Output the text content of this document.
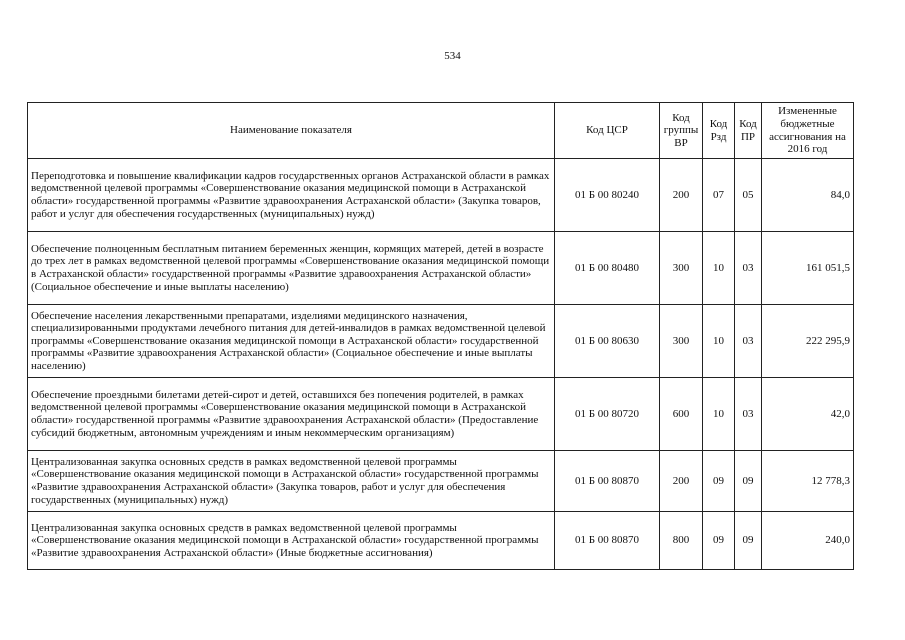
534
Наименование показателя	Код ЦСР	Код группы ВР	Код Рзд	Код ПР	Измененные бюджетные ассигнования на 2016 год
Переподготовка и повышение квалификации кадров государственных органов Астраханской области в рамках ведомственной целевой программы «Совершенствование оказания медицинской помощи в Астраханской области» государственной программы «Развитие здравоохранения Астраханской области» (Закупка товаров, работ и услуг для обеспечения государственных (муниципальных) нужд)	01 Б 00 80240	200	07	05	84,0
Обеспечение полноценным бесплатным питанием беременных женщин, кормящих матерей, детей в возрасте до трех лет в рамках ведомственной целевой программы «Совершенствование оказания медицинской помощи в Астраханской области» государственной программы «Развитие здравоохранения Астраханской области» (Социальное обеспечение и иные выплаты населению)	01 Б 00 80480	300	10	03	161 051,5
Обеспечение населения лекарственными препаратами, изделиями медицинского назначения, специализированными продуктами лечебного питания для детей-инвалидов в рамках ведомственной целевой программы «Совершенствование оказания медицинской помощи в Астраханской области» государственной программы «Развитие здравоохранения Астраханской области» (Социальное обеспечение и иные выплаты населению)	01 Б 00 80630	300	10	03	222 295,9
Обеспечение проездными билетами детей-сирот и детей, оставшихся без попечения родителей, в рамках ведомственной целевой программы «Совершенствование оказания медицинской помощи в Астраханской области» государственной программы «Развитие здравоохранения Астраханской области» (Предоставление субсидий бюджетным, автономным учреждениям и иным некоммерческим организациям)	01 Б 00 80720	600	10	03	42,0
Централизованная закупка основных средств в рамках ведомственной целевой программы «Совершенствование оказания медицинской помощи в Астраханской области» государственной программы «Развитие здравоохранения Астраханской области» (Закупка товаров, работ и услуг для обеспечения государственных (муниципальных) нужд)	01 Б 00 80870	200	09	09	12 778,3
Централизованная закупка основных средств в рамках ведомственной целевой программы «Совершенствование оказания медицинской помощи в Астраханской области» государственной программы «Развитие здравоохранения Астраханской области» (Иные бюджетные ассигнования)	01 Б 00 80870	800	09	09	240,0
